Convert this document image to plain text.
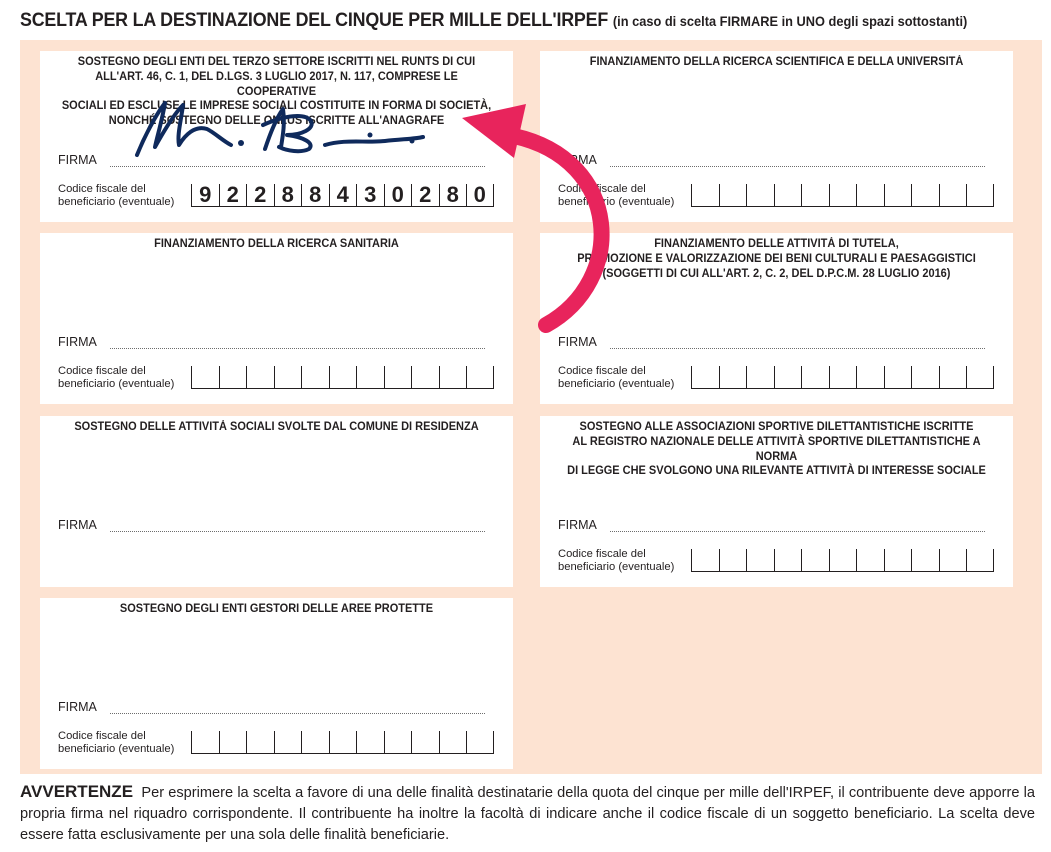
SCELTA PER LA DESTINAZIONE DEL CINQUE PER MILLE DELL'IRPEF (in caso di scelta FIRMARE in UNO degli spazi sottostanti)
SOSTEGNO DEGLI ENTI DEL TERZO SETTORE ISCRITTI NEL RUNTS DI CUI
ALL'ART. 46, C. 1, DEL D.LGS. 3 LUGLIO 2017, N. 117, COMPRESE LE COOPERATIVE
SOCIALI ED ESCLUSE LE IMPRESE SOCIALI COSTITUITE IN FORMA DI SOCIETÀ,
NONCHÉ SOSTEGNO DELLE ONLUS ISCRITTE ALL'ANAGRAFE
FIRMA
Codice fiscale del
beneficiario (eventuale)	9 2 2 8 8 4 3 0 2 8 0
FINANZIAMENTO DELLA RICERCA SCIENTIFICA E DELLA UNIVERSITÀ
FIRMA
Codice fiscale del
beneficiario (eventuale)
FINANZIAMENTO DELLA RICERCA SANITARIA
FIRMA
Codice fiscale del
beneficiario (eventuale)
FINANZIAMENTO DELLE ATTIVITÀ DI TUTELA,
PROMOZIONE E VALORIZZAZIONE DEI BENI CULTURALI E PAESAGGISTICI
(SOGGETTI DI CUI ALL'ART. 2, C. 2, DEL D.P.C.M. 28 LUGLIO 2016)
FIRMA
Codice fiscale del
beneficiario (eventuale)
SOSTEGNO DELLE ATTIVITÀ SOCIALI SVOLTE DAL COMUNE DI RESIDENZA
FIRMA
SOSTEGNO ALLE ASSOCIAZIONI SPORTIVE DILETTANTISTICHE ISCRITTE
AL REGISTRO NAZIONALE DELLE ATTIVITÀ SPORTIVE DILETTANTISTICHE A NORMA
DI LEGGE CHE SVOLGONO UNA RILEVANTE ATTIVITÀ DI INTERESSE SOCIALE
FIRMA
Codice fiscale del
beneficiario (eventuale)
SOSTEGNO DEGLI ENTI GESTORI DELLE AREE PROTETTE
FIRMA
Codice fiscale del
beneficiario (eventuale)
AVVERTENZE Per esprimere la scelta a favore di una delle finalità destinatarie della quota del cinque per mille dell'IRPEF, il contribuente deve apporre la propria firma nel riquadro corrispondente. Il contribuente ha inoltre la facoltà di indicare anche il codice fiscale di un soggetto beneficiario. La scelta deve essere fatta esclusivamente per una sola delle finalità beneficiarie.
